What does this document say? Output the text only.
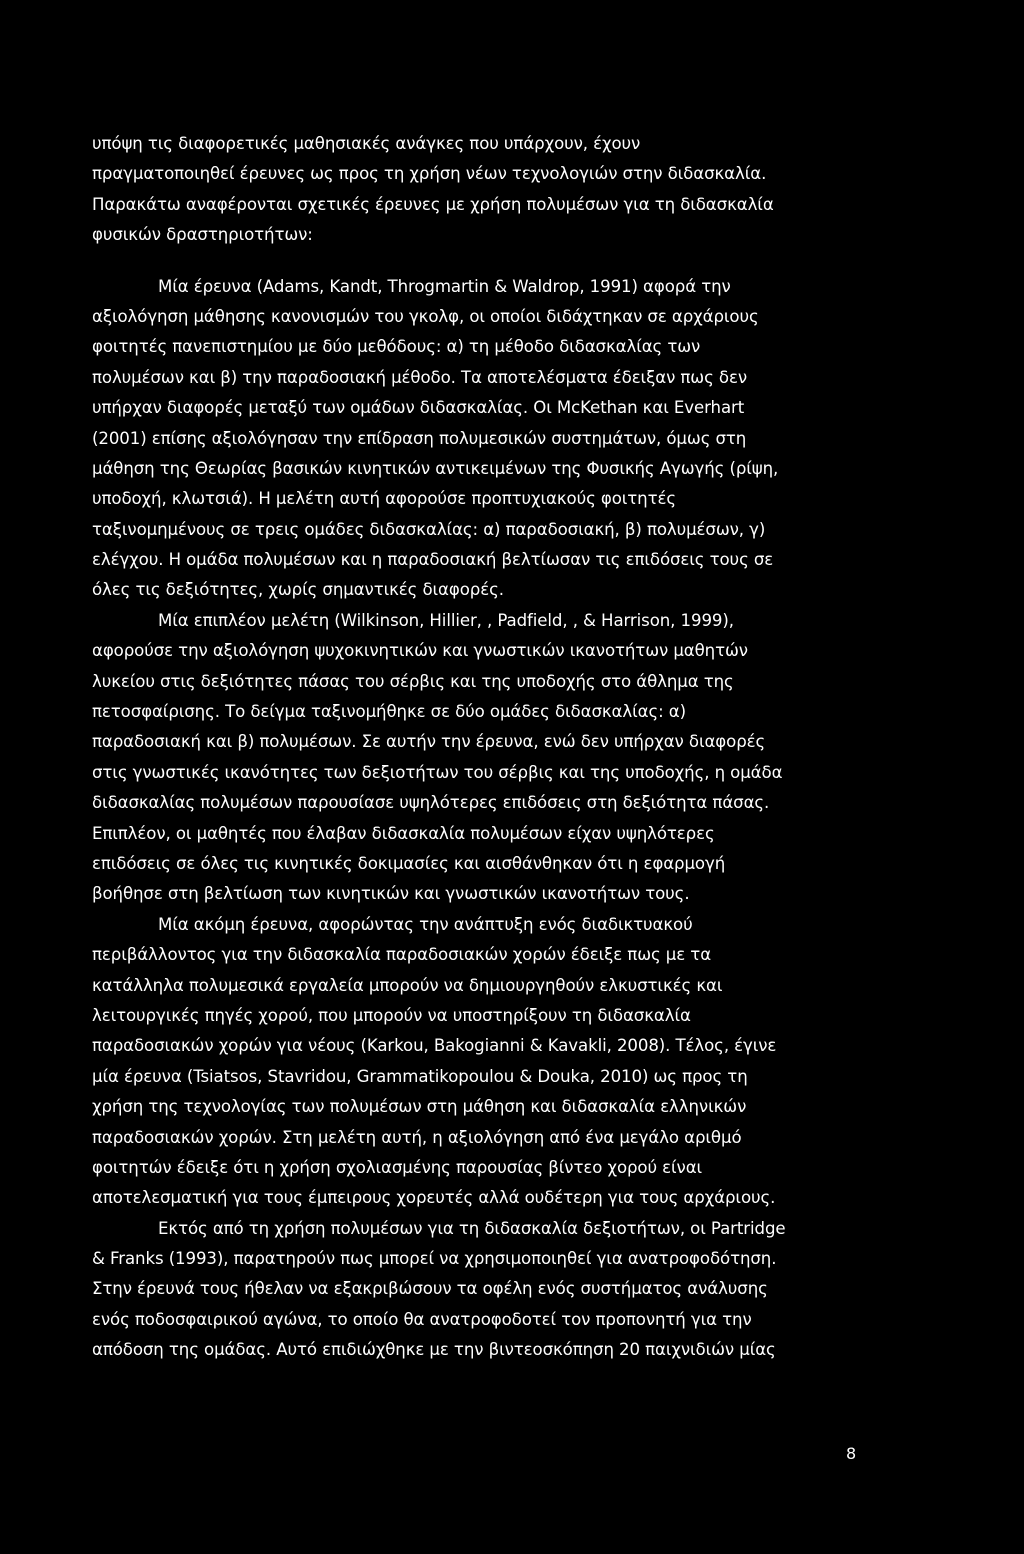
υπόψη τις διαφορετικές μαθησιακές ανάγκες που υπάρχουν, έχουν
πραγματοποιηθεί έρευνες ως προς τη χρήση νέων τεχνολογιών στην διδασκαλία.
Παρακάτω αναφέρονται σχετικές έρευνες με χρήση πολυμέσων για τη διδασκαλία
φυσικών δραστηριοτήτων:
Μία έρευνα (Adams, Kandt, Throgmartin & Waldrop, 1991) αφορά την
αξιολόγηση μάθησης κανονισμών του γκολφ, οι οποίοι διδάχτηκαν σε αρχάριους
φοιτητές πανεπιστημίου με δύο μεθόδους: α) τη μέθοδο διδασκαλίας των
πολυμέσων και β) την παραδοσιακή μέθοδο. Τα αποτελέσματα έδειξαν πως δεν
υπήρχαν διαφορές μεταξύ των ομάδων διδασκαλίας. Οι McKethan και Everhart
(2001) επίσης αξιολόγησαν την επίδραση πολυμεσικών συστημάτων, όμως στη
μάθηση της Θεωρίας βασικών κινητικών αντικειμένων της Φυσικής Αγωγής (ρίψη,
υποδοχή, κλωτσιά). Η μελέτη αυτή αφορούσε προπτυχιακούς φοιτητές
ταξινομημένους σε τρεις ομάδες διδασκαλίας: α) παραδοσιακή, β) πολυμέσων, γ)
ελέγχου. Η ομάδα πολυμέσων και η παραδοσιακή βελτίωσαν τις επιδόσεις τους σε
όλες τις δεξιότητες, χωρίς σημαντικές διαφορές.
Μία επιπλέον μελέτη (Wilkinson, Hillier, , Padfield, , & Harrison, 1999),
αφορούσε την αξιολόγηση ψυχοκινητικών και γνωστικών ικανοτήτων μαθητών
λυκείου στις δεξιότητες πάσας του σέρβις και της υποδοχής στο άθλημα της
πετοσφαίρισης. Το δείγμα ταξινομήθηκε σε δύο ομάδες διδασκαλίας: α)
παραδοσιακή και β) πολυμέσων. Σε αυτήν την έρευνα, ενώ δεν υπήρχαν διαφορές
στις γνωστικές ικανότητες των δεξιοτήτων του σέρβις και της υποδοχής, η ομάδα
διδασκαλίας πολυμέσων παρουσίασε υψηλότερες επιδόσεις στη δεξιότητα πάσας.
Επιπλέον, οι μαθητές που έλαβαν διδασκαλία πολυμέσων είχαν υψηλότερες
επιδόσεις σε όλες τις κινητικές δοκιμασίες και αισθάνθηκαν ότι η εφαρμογή
βοήθησε στη βελτίωση των κινητικών και γνωστικών ικανοτήτων τους.
Μία ακόμη έρευνα, αφορώντας την ανάπτυξη ενός διαδικτυακού
περιβάλλοντος για την διδασκαλία παραδοσιακών χορών έδειξε πως με τα
κατάλληλα πολυμεσικά εργαλεία μπορούν να δημιουργηθούν ελκυστικές και
λειτουργικές πηγές χορού, που μπορούν να υποστηρίξουν τη διδασκαλία
παραδοσιακών χορών για νέους (Karkou, Bakogianni & Kavakli, 2008). Τέλος, έγινε
μία έρευνα (Tsiatsos, Stavridou, Grammatikopoulou & Douka, 2010) ως προς τη
χρήση της τεχνολογίας των πολυμέσων στη μάθηση και διδασκαλία ελληνικών
παραδοσιακών χορών. Στη μελέτη αυτή, η αξιολόγηση από ένα μεγάλο αριθμό
φοιτητών έδειξε ότι η χρήση σχολιασμένης παρουσίας βίντεο χορού είναι
αποτελεσματική για τους έμπειρους χορευτές αλλά ουδέτερη για τους αρχάριους.
Εκτός από τη χρήση πολυμέσων για τη διδασκαλία δεξιοτήτων, οι Partridge
& Franks (1993), παρατηρούν πως μπορεί να χρησιμοποιηθεί για ανατροφοδότηση.
Στην έρευνά τους ήθελαν να εξακριβώσουν τα οφέλη ενός συστήματος ανάλυσης
ενός ποδοσφαιρικού αγώνα, το οποίο θα ανατροφοδοτεί τον προπονητή για την
απόδοση της ομάδας. Αυτό επιδιώχθηκε με την βιντεοσκόπηση 20 παιχνιδιών μίας
8
